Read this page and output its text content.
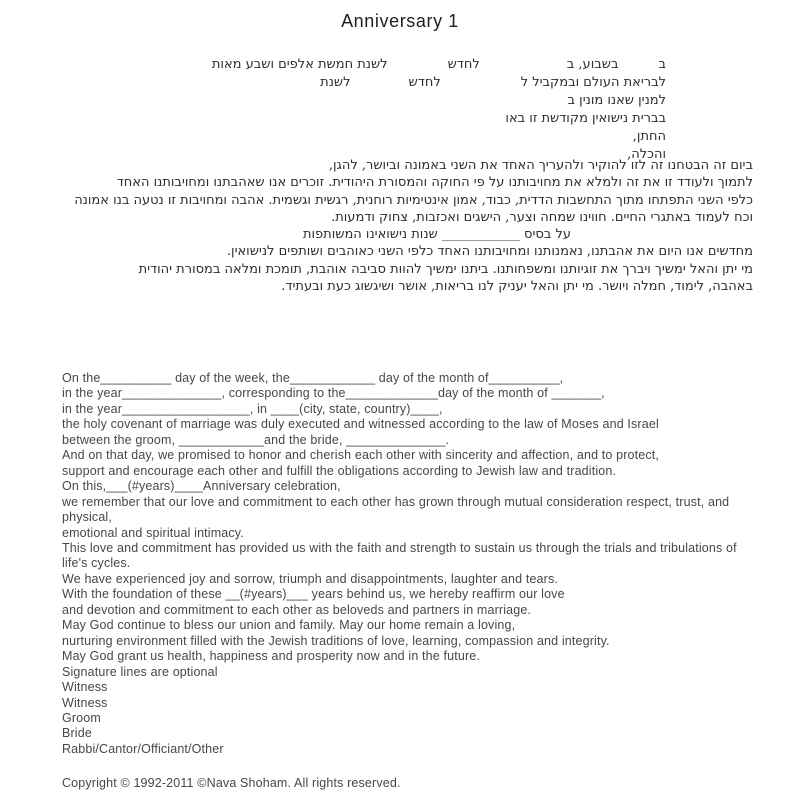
Anniversary 1
בבשבוע, בלחדשלשנת חמשת אלפים ושבע מאות
לבריאת העולם ובמקביל ללחדשלשנת
למנין שאנו מונין ב
בברית נישואין מקודשת זו באו
החתן,
והכלה,
ביום זה הבטחנו זה לזו להוקיר ולהעריך האחד את השני באמונה וביושר, להגן,
לתמוך ולעודד זו את זה ולמלא את מחויבותנו על פי החוקה והמסורת היהודית. זוכרים אנו שאהבתנו ומחויבותנו האחד
כלפי השני התפתחו מתוך התחשבות הדדית, כבוד, אמון אינטימיות רוחנית, רגשית וגשמית. אהבה ומחויבות זו נטעה בנו אמונה
וכח לעמוד באתגרי החיים. חווינו שמחה וצער, הישגים ואכזבות, צחוק ודמעות.
על בסיס ____________ שנות נישואינו המשותפות
מחדשים אנו היום את אהבתנו, נאמנותנו ומחויבותנו האחד כלפי השני כאוהבים ושותפים לנישואין.
מי יתן והאל ימשיך ויברך את זוגיותנו ומשפחותנו. ביתנו ימשיך להוות סביבה אוהבת, תומכת ומלאה במסורת יהודית
באהבה, לימוד, חמלה ויושר. מי יתן והאל יעניק לנו בריאות, אושר ושיגשוג כעת ובעתיד.
On the__________ day of the week, the____________ day of the month of__________,
in the year______________, corresponding to the_____________day of the month of _______,
in the year__________________, in ____(city, state, country)____,
the holy covenant of marriage was duly executed and witnessed according to the law of Moses and Israel
between the groom, ____________and the bride, ______________.
And on that day, we promised to honor and cherish each other with sincerity and affection, and to protect,
support and encourage each other and fulfill the obligations according to Jewish law and tradition.
On this,___(#years)____Anniversary celebration,
we remember that our love and commitment to each other has grown through mutual consideration respect, trust, and
physical,
emotional and spiritual intimacy.
This love and commitment has provided us with the faith and strength to sustain us through the trials and tribulations of
life's cycles.
We have experienced joy and sorrow, triumph and disappointments, laughter and tears.
With the foundation of these __(#years)___ years behind us, we hereby reaffirm our love
and devotion and commitment to each other as beloveds and partners in marriage.
May God continue to bless our union and family. May our home remain a loving,
nurturing environment filled with the Jewish traditions of love, learning, compassion and integrity.
May God grant us health, happiness and prosperity now and in the future.
Signature lines are optional
Witness
Witness
Groom
Bride
Rabbi/Cantor/Officiant/Other
Copyright © 1992-2011 ©Nava Shoham. All rights reserved.
